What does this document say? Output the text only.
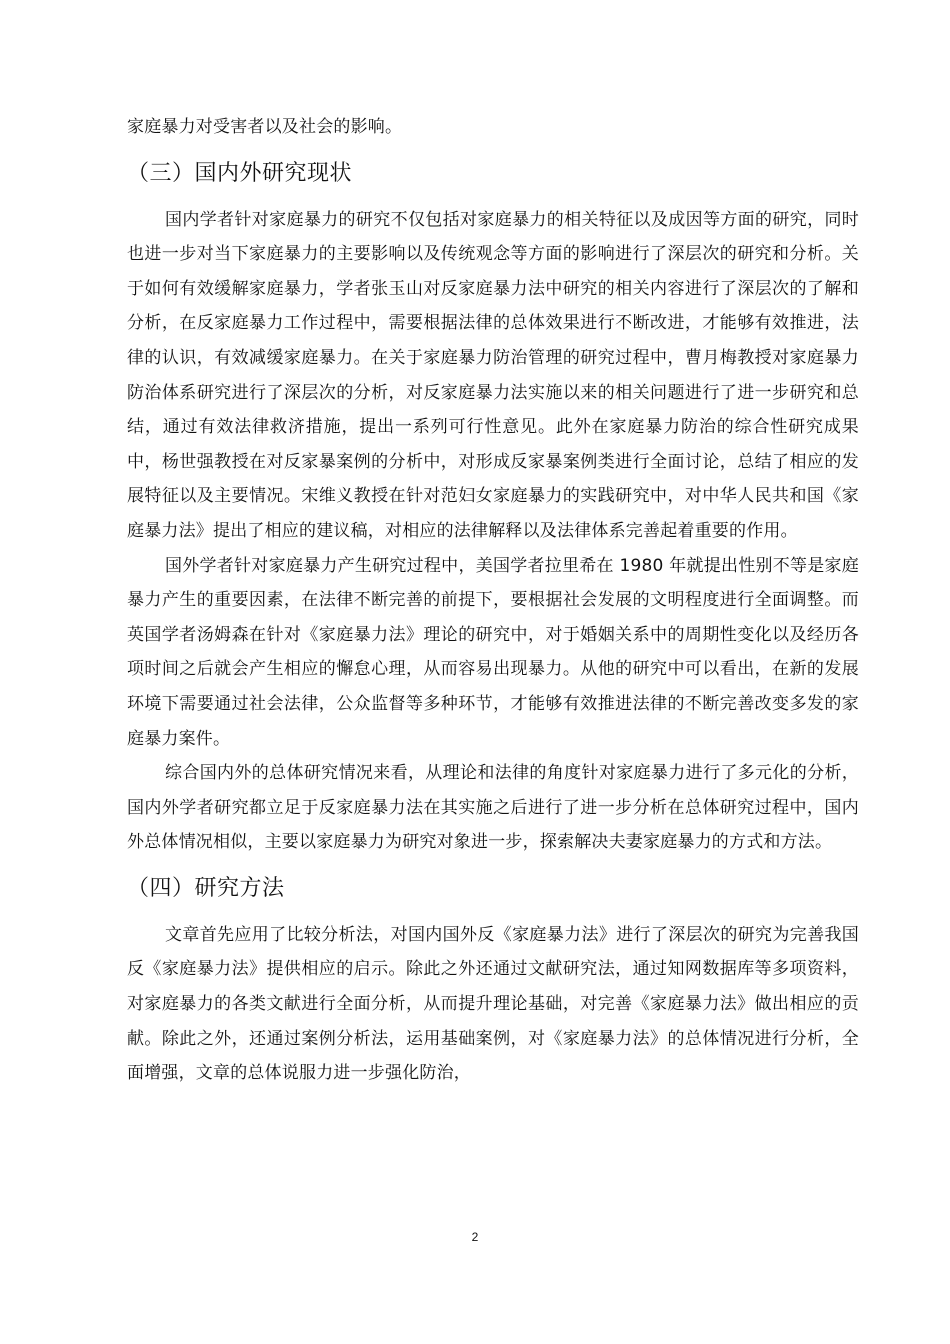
家庭暴力对受害者以及社会的影响。

（三）国内外研究现状

国内学者针对家庭暴力的研究不仅包括对家庭暴力的相关特征以及成因等方面的研究，同时也进一步对当下家庭暴力的主要影响以及传统观念等方面的影响进行了深层次的研究和分析。关于如何有效缓解家庭暴力，学者张玉山对反家庭暴力法中研究的相关内容进行了深层次的了解和分析，在反家庭暴力工作过程中，需要根据法律的总体效果进行不断改进，才能够有效推进，法律的认识，有效减缓家庭暴力。在关于家庭暴力防治管理的研究过程中，曹月梅教授对家庭暴力防治体系研究进行了深层次的分析，对反家庭暴力法实施以来的相关问题进行了进一步研究和总结，通过有效法律救济措施，提出一系列可行性意见。此外在家庭暴力防治的综合性研究成果中，杨世强教授在对反家暴案例的分析中，对形成反家暴案例类进行全面讨论，总结了相应的发展特征以及主要情况。宋维义教授在针对范妇女家庭暴力的实践研究中，对中华人民共和国《家庭暴力法》提出了相应的建议稿，对相应的法律解释以及法律体系完善起着重要的作用。

国外学者针对家庭暴力产生研究过程中，美国学者拉里希在 1980 年就提出性别不等是家庭暴力产生的重要因素，在法律不断完善的前提下，要根据社会发展的文明程度进行全面调整。而英国学者汤姆森在针对《家庭暴力法》理论的研究中，对于婚姻关系中的周期性变化以及经历各项时间之后就会产生相应的懈怠心理，从而容易出现暴力。从他的研究中可以看出，在新的发展环境下需要通过社会法律，公众监督等多种环节，才能够有效推进法律的不断完善改变多发的家庭暴力案件。

综合国内外的总体研究情况来看，从理论和法律的角度针对家庭暴力进行了多元化的分析，国内外学者研究都立足于反家庭暴力法在其实施之后进行了进一步分析在总体研究过程中，国内外总体情况相似，主要以家庭暴力为研究对象进一步，探索解决夫妻家庭暴力的方式和方法。

（四）研究方法

文章首先应用了比较分析法，对国内国外反《家庭暴力法》进行了深层次的研究为完善我国反《家庭暴力法》提供相应的启示。除此之外还通过文献研究法，通过知网数据库等多项资料，对家庭暴力的各类文献进行全面分析，从而提升理论基础，对完善《家庭暴力法》做出相应的贡献。除此之外，还通过案例分析法，运用基础案例，对《家庭暴力法》的总体情况进行分析，全面增强，文章的总体说服力进一步强化防治，

2
